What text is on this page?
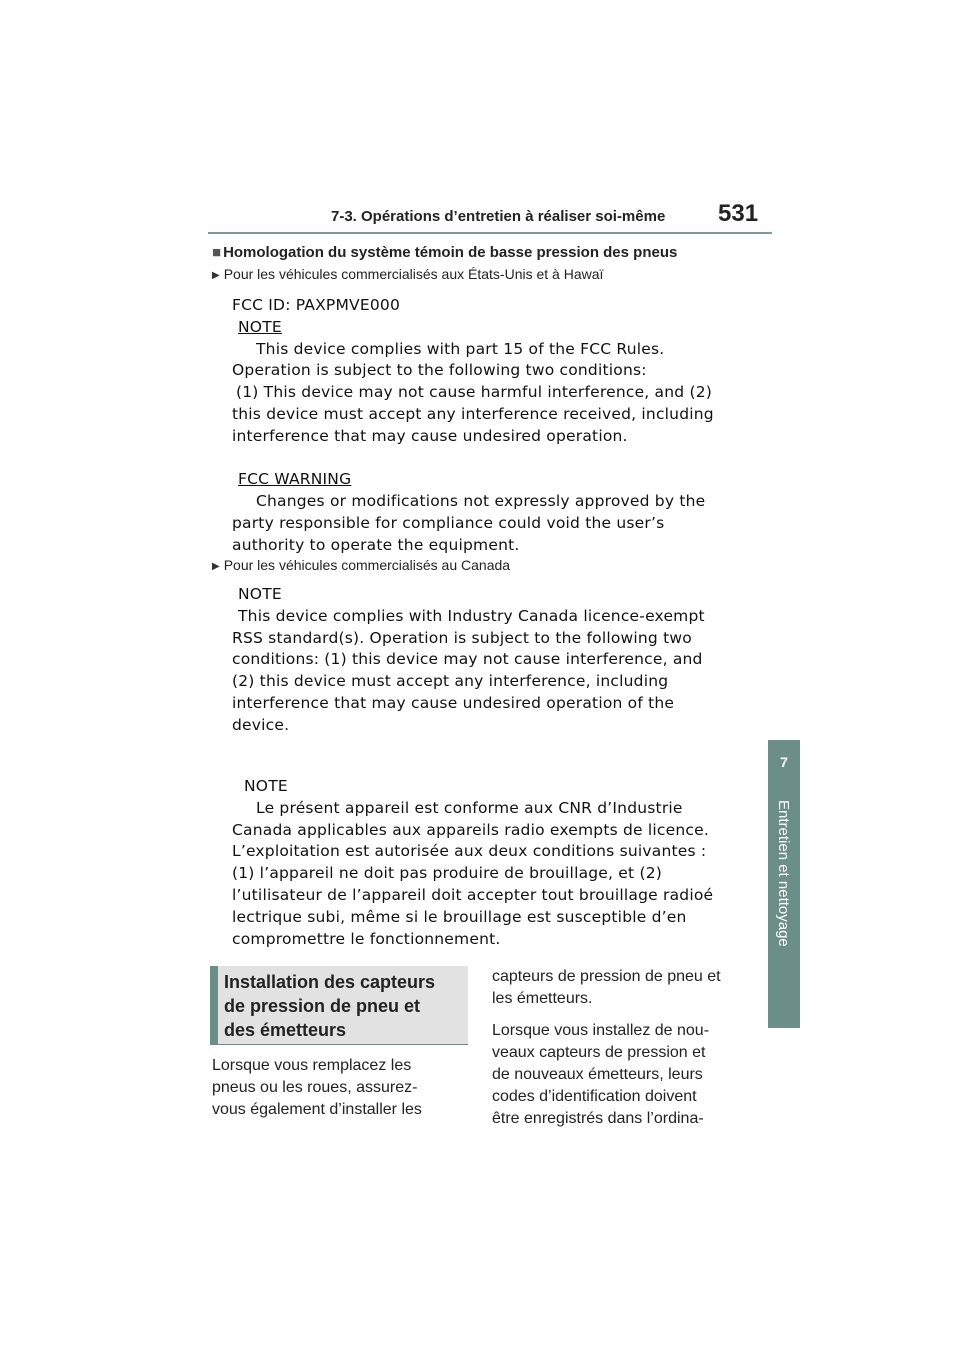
7-3. Opérations d’entretien à réaliser soi-même 531
7
Entretien et nettoyage
■ Homologation du système témoin de basse pression des pneus
▶ Pour les véhicules commercialisés aux États-Unis et à Hawaï
FCC ID: PAXPMVE000
NOTE
This device complies with part 15 of the FCC Rules.
Operation is subject to the following two conditions:
(1) This device may not cause harmful interference, and (2)
this device must accept any interference received, including
interference that may cause undesired operation.
FCC WARNING
Changes or modifications not expressly approved by the
party responsible for compliance could void the user’s
authority to operate the equipment.
▶ Pour les véhicules commercialisés au Canada
NOTE
This device complies with Industry Canada licence-exempt
RSS standard(s). Operation is subject to the following two
conditions: (1) this device may not cause interference, and
(2) this device must accept any interference, including
interference that may cause undesired operation of the
device.
NOTE
Le présent appareil est conforme aux CNR d’Industrie
Canada applicables aux appareils radio exempts de licence.
L’exploitation est autorisée aux deux conditions suivantes :
(1) l’appareil ne doit pas produire de brouillage, et (2)
l’utilisateur de l’appareil doit accepter tout brouillage radioé
lectrique subi, même si le brouillage est susceptible d’en
compromettre le fonctionnement.
Installation des capteurs
de pression de pneu et
des émetteurs
Lorsque vous remplacez les
pneus ou les roues, assurez-
vous également d’installer les
capteurs de pression de pneu et
les émetteurs.
Lorsque vous installez de nou-
veaux capteurs de pression et
de nouveaux émetteurs, leurs
codes d’identification doivent
être enregistrés dans l’ordina-
